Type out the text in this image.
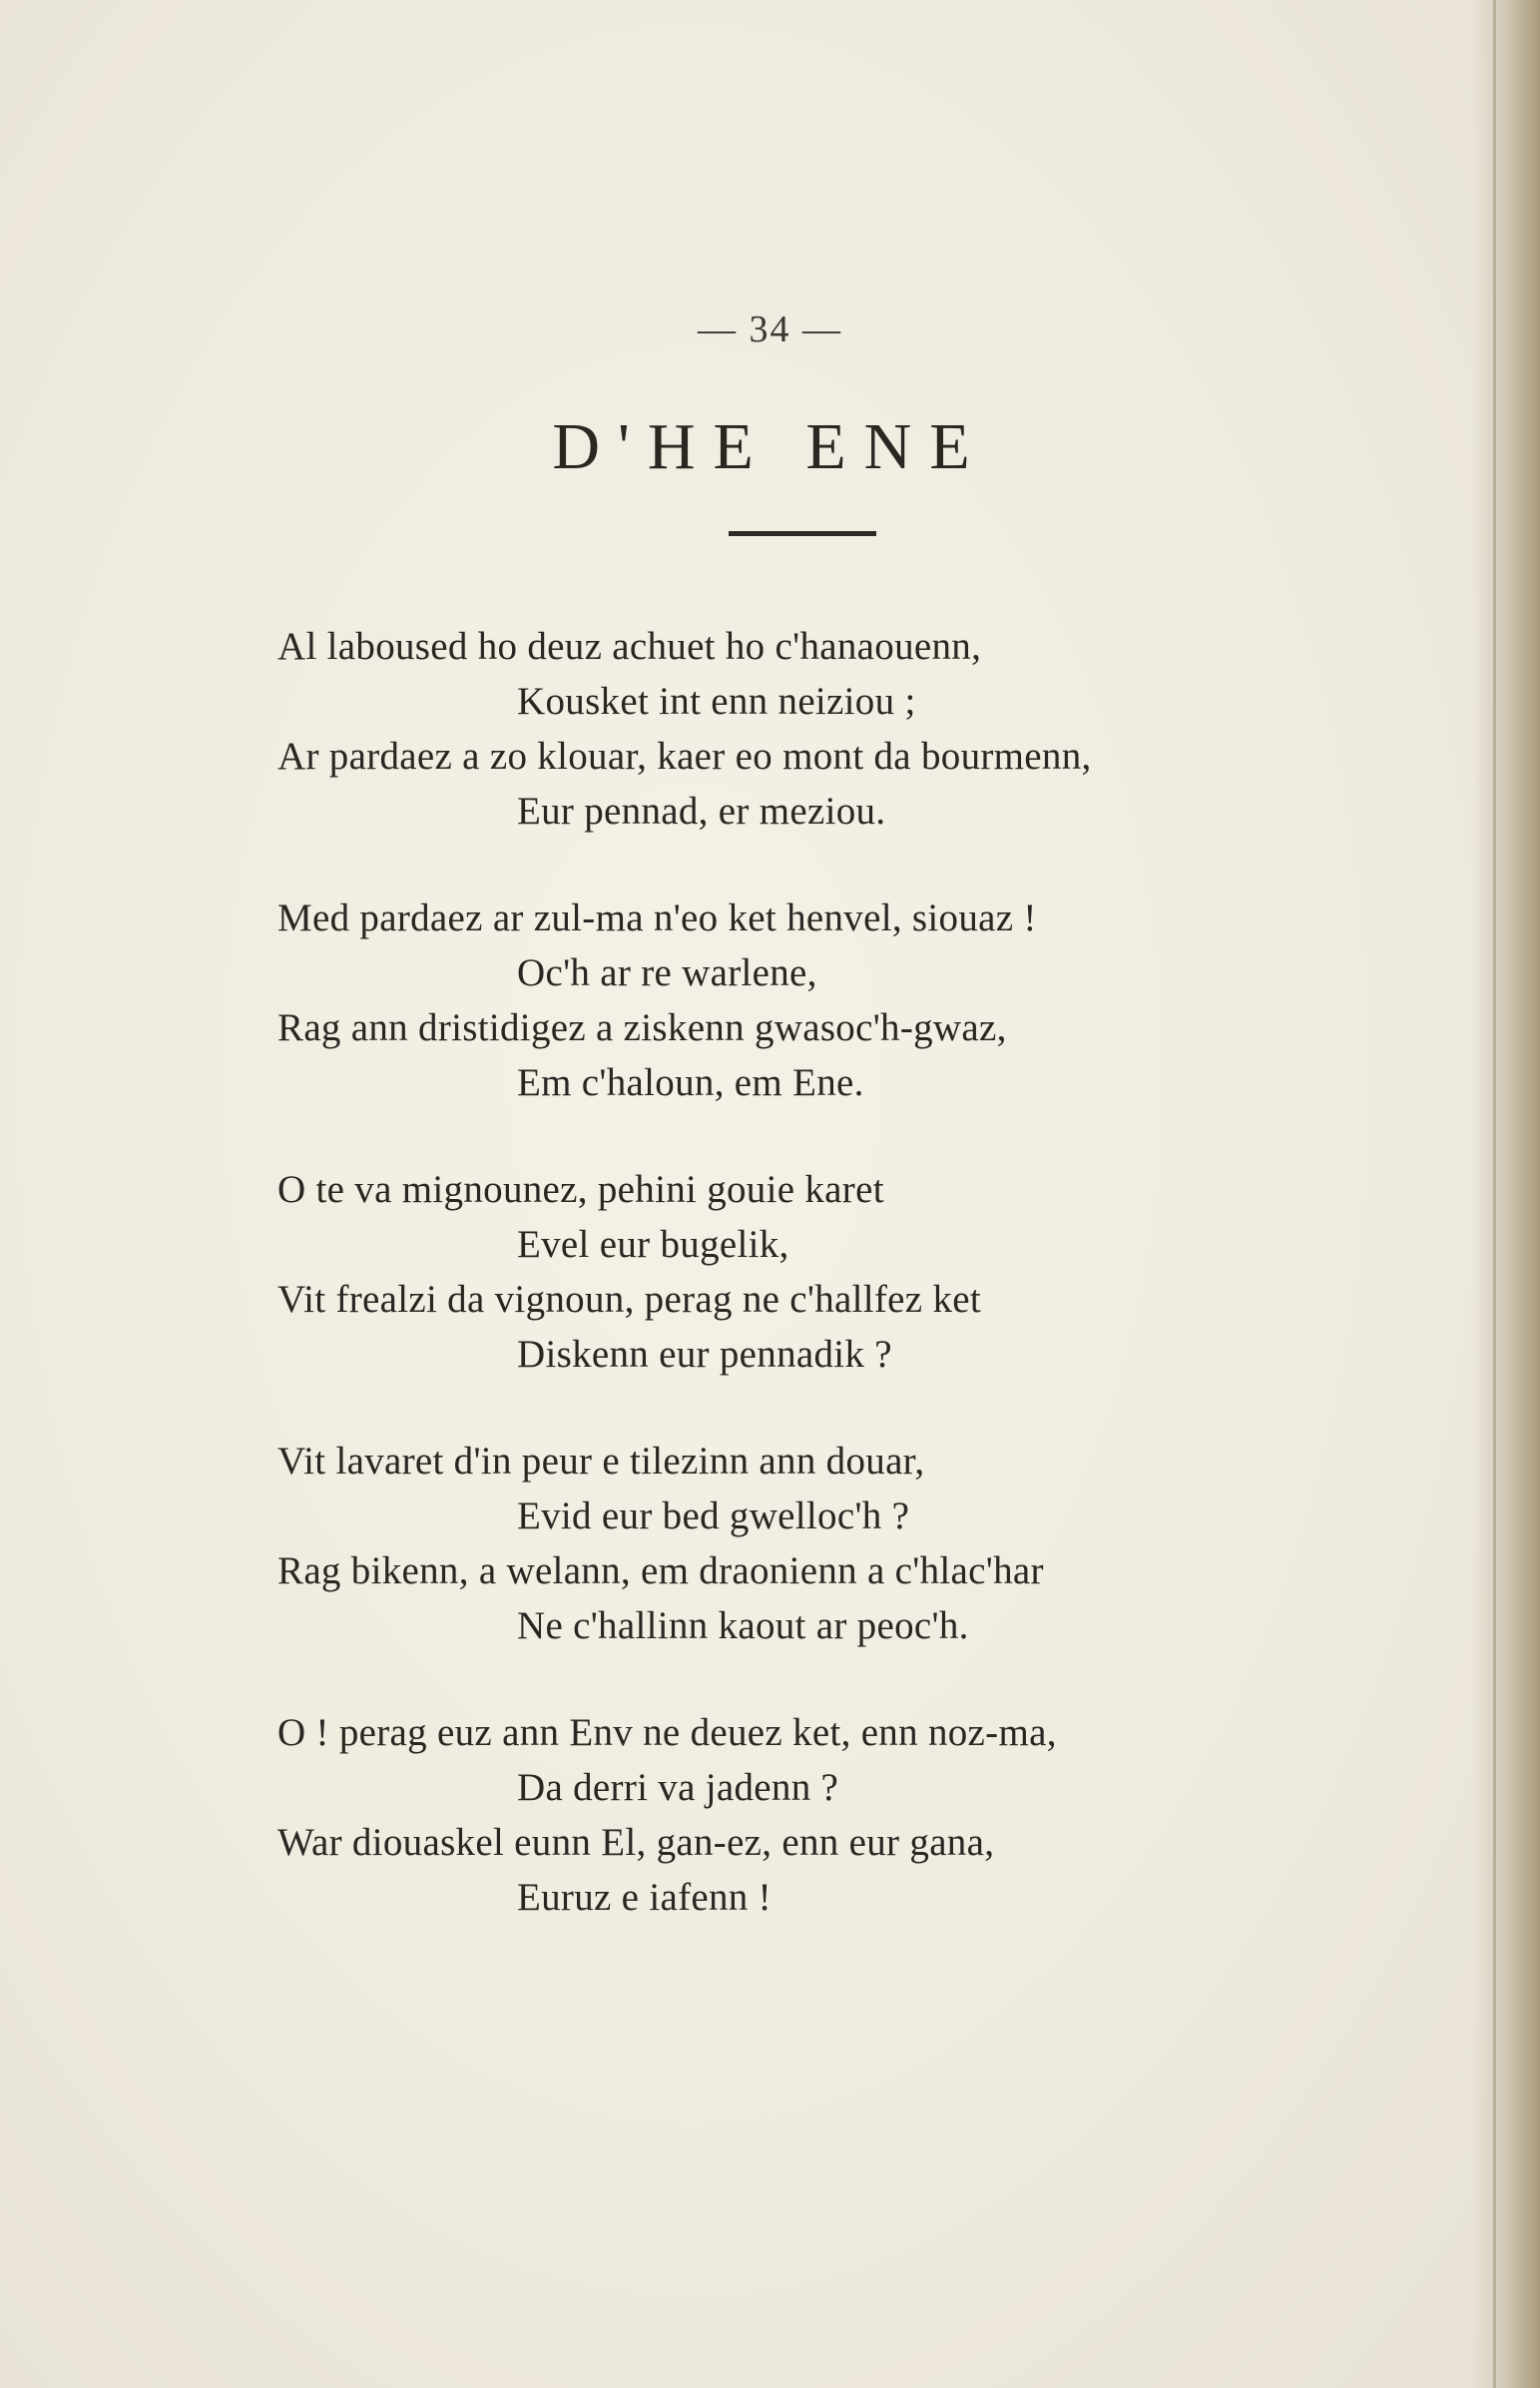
— 34 —
D'HE ENE
Al laboused ho deuz achuet ho c'hanaouenn,
Kousket int enn neiziou ;
Ar pardaez a zo klouar, kaer eo mont da bourmenn,
Eur pennad, er meziou.
Med pardaez ar zul-ma n'eo ket henvel, siouaz !
Oc'h ar re warlene,
Rag ann dristidigez a ziskenn gwasoc'h-gwaz,
Em c'haloun, em Ene.
O te va mignounez, pehini gouie karet
Evel eur bugelik,
Vit frealzi da vignoun, perag ne c'hallfez ket
Diskenn eur pennadik ?
Vit lavaret d'in peur e tilezinn ann douar,
Evid eur bed gwelloc'h ?
Rag bikenn, a welann, em draonienn a c'hlac'har
Ne c'hallinn kaout ar peoc'h.
O ! perag euz ann Env ne deuez ket, enn noz-ma,
Da derri va jadenn ?
War diouaskel eunn El, gan-ez, enn eur gana,
Euruz e iafenn !
